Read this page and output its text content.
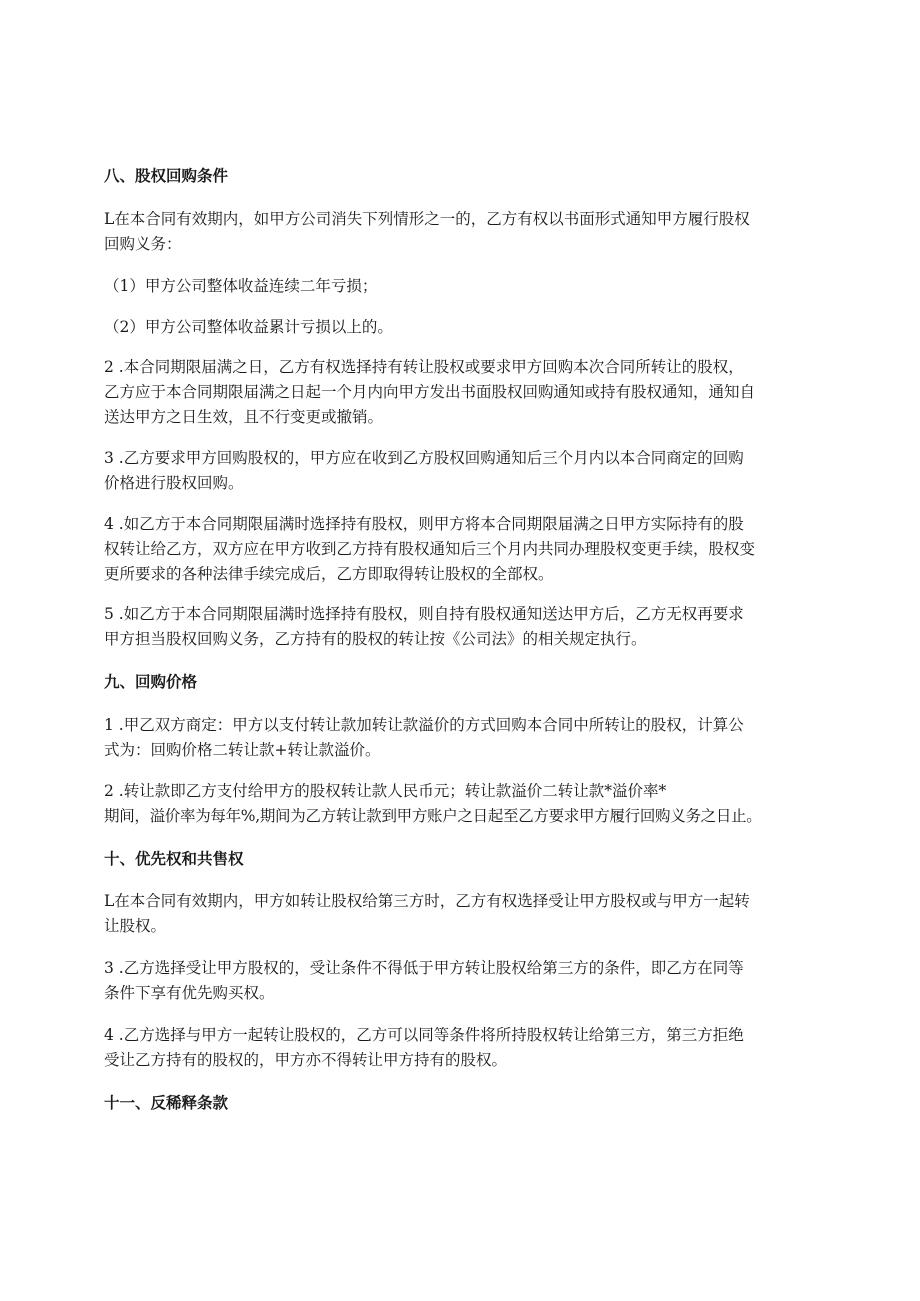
八、股权回购条件

L在本合同有效期内，如甲方公司消失下列情形之一的，乙方有权以书面形式通知甲方履行股权
回购义务：

（1）甲方公司整体收益连续二年亏损；

（2）甲方公司整体收益累计亏损以上的。

2 .本合同期限届满之日，乙方有权选择持有转让股权或要求甲方回购本次合同所转让的股权，
乙方应于本合同期限届满之日起一个月内向甲方发出书面股权回购通知或持有股权通知，通知自
送达甲方之日生效，且不行变更或撤销。

3 .乙方要求甲方回购股权的，甲方应在收到乙方股权回购通知后三个月内以本合同商定的回购
价格进行股权回购。

4 .如乙方于本合同期限届满时选择持有股权，则甲方将本合同期限届满之日甲方实际持有的股
权转让给乙方，双方应在甲方收到乙方持有股权通知后三个月内共同办理股权变更手续，股权变
更所要求的各种法律手续完成后，乙方即取得转让股权的全部权。

5 .如乙方于本合同期限届满时选择持有股权，则自持有股权通知送达甲方后，乙方无权再要求
甲方担当股权回购义务，乙方持有的股权的转让按《公司法》的相关规定执行。

九、回购价格

1 .甲乙双方商定：甲方以支付转让款加转让款溢价的方式回购本合同中所转让的股权，计算公
式为：回购价格二转让款+转让款溢价。

2 .转让款即乙方支付给甲方的股权转让款人民币元；转让款溢价二转让款*溢价率*
期间，溢价率为每年%,期间为乙方转让款到甲方账户之日起至乙方要求甲方履行回购义务之日止。

十、优先权和共售权

L在本合同有效期内，甲方如转让股权给第三方时，乙方有权选择受让甲方股权或与甲方一起转
让股权。

3 .乙方选择受让甲方股权的，受让条件不得低于甲方转让股权给第三方的条件，即乙方在同等
条件下享有优先购买权。

4 .乙方选择与甲方一起转让股权的，乙方可以同等条件将所持股权转让给第三方，第三方拒绝
受让乙方持有的股权的，甲方亦不得转让甲方持有的股权。

十一、反稀释条款
